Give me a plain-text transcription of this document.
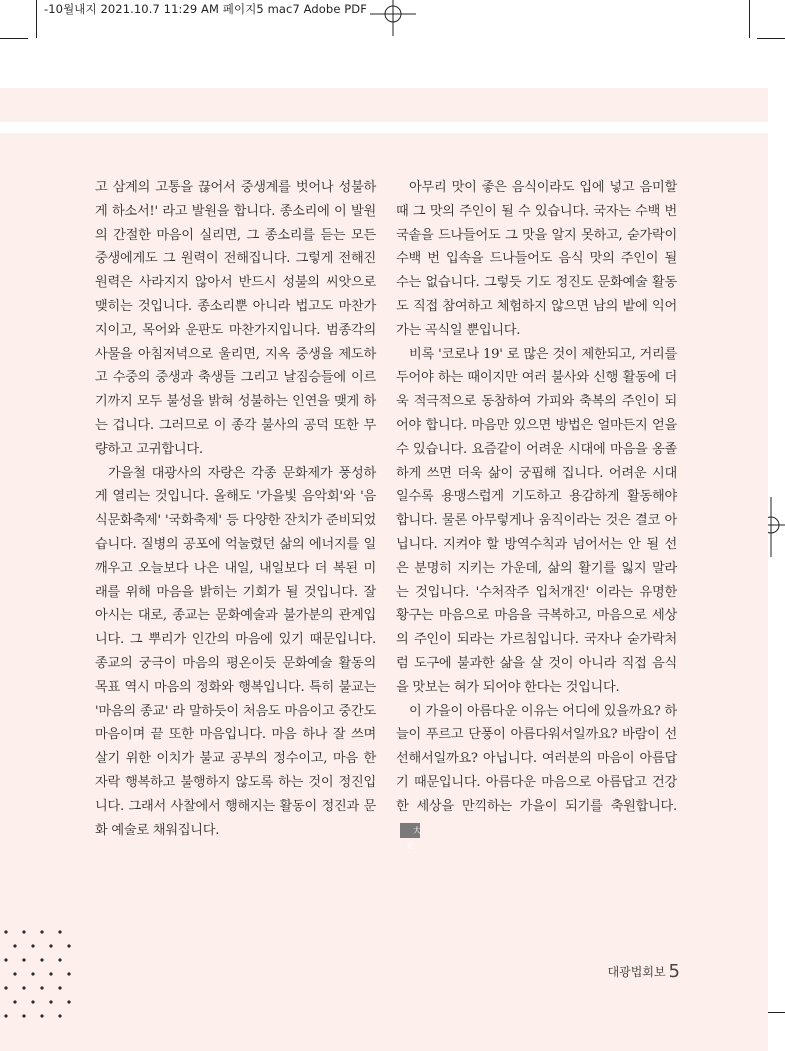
-10월내지 2021.10.7 11:29 AM 페이지5 mac7 Adobe PDF

고 삼계의 고통을 끊어서 중생계를 벗어나 성불하게 하소서!' 라고 발원을 합니다. 종소리에 이 발원의 간절한 마음이 실리면, 그 종소리를 듣는 모든 중생에게도 그 원력이 전해집니다. 그렇게 전해진 원력은 사라지지 않아서 반드시 성불의 씨앗으로 맺히는 것입니다. 종소리뿐 아니라 법고도 마찬가지이고, 목어와 운판도 마찬가지입니다. 범종각의 사물을 아침저녁으로 울리면, 지옥 중생을 제도하고 수중의 중생과 축생들 그리고 날짐승들에 이르기까지 모두 불성을 밝혀 성불하는 인연을 맺게 하는 겁니다. 그러므로 이 종각 불사의 공덕 또한 무량하고 고귀합니다.

가을철 대광사의 자랑은 각종 문화제가 풍성하게 열리는 것입니다. 올해도 '가을빛 음악회'와 '음식문화축제' '국화축제' 등 다양한 잔치가 준비되었습니다. 질병의 공포에 억눌렸던 삶의 에너지를 일깨우고 오늘보다 나은 내일, 내일보다 더 복된 미래를 위해 마음을 밝히는 기회가 될 것입니다. 잘 아시는 대로, 종교는 문화예술과 불가분의 관계입니다. 그 뿌리가 인간의 마음에 있기 때문입니다. 종교의 궁극이 마음의 평온이듯 문화예술 활동의 목표 역시 마음의 정화와 행복입니다. 특히 불교는 '마음의 종교' 라 말하듯이 처음도 마음이고 중간도 마음이며 끝 또한 마음입니다. 마음 하나 잘 쓰며 살기 위한 이치가 불교 공부의 정수이고, 마음 한 자락 행복하고 불행하지 않도록 하는 것이 정진입니다. 그래서 사찰에서 행해지는 활동이 정진과 문화 예술로 채워집니다.

아무리 맛이 좋은 음식이라도 입에 넣고 음미할 때 그 맛의 주인이 될 수 있습니다. 국자는 수백 번 국솥을 드나들어도 그 맛을 알지 못하고, 숟가락이 수백 번 입속을 드나들어도 음식 맛의 주인이 될 수는 없습니다. 그렇듯 기도 정진도 문화예술 활동도 직접 참여하고 체험하지 않으면 남의 밭에 익어가는 곡식일 뿐입니다.

비록 '코로나 19' 로 많은 것이 제한되고, 거리를 두어야 하는 때이지만 여러 불사와 신행 활동에 더욱 적극적으로 동참하여 가피와 축복의 주인이 되어야 합니다. 마음만 있으면 방법은 얼마든지 얻을 수 있습니다. 요즘같이 어려운 시대에 마음을 옹졸하게 쓰면 더욱 삶이 궁핍해 집니다. 어려운 시대일수록 용맹스럽게 기도하고 용감하게 활동해야 합니다. 물론 아무렇게나 움직이라는 것은 결코 아닙니다. 지켜야 할 방역수칙과 넘어서는 안 될 선은 분명히 지키는 가운데, 삶의 활기를 잃지 말라는 것입니다. '수처작주 입처개진' 이라는 유명한 황구는 마음으로 마음을 극복하고, 마음으로 세상의 주인이 되라는 가르침입니다. 국자나 숟가락처럼 도구에 불과한 삶을 살 것이 아니라 직접 음식을 맛보는 혀가 되어야 한다는 것입니다.

이 가을이 아름다운 이유는 어디에 있을까요? 하늘이 푸르고 단풍이 아름다워서일까요? 바람이 선선해서일까요? 아닙니다. 여러분의 마음이 아름답기 때문입니다. 아름다운 마음으로 아름답고 건강한 세상을 만끽하는 가을이 되기를 축원합니다.大光

대광법회보 5
